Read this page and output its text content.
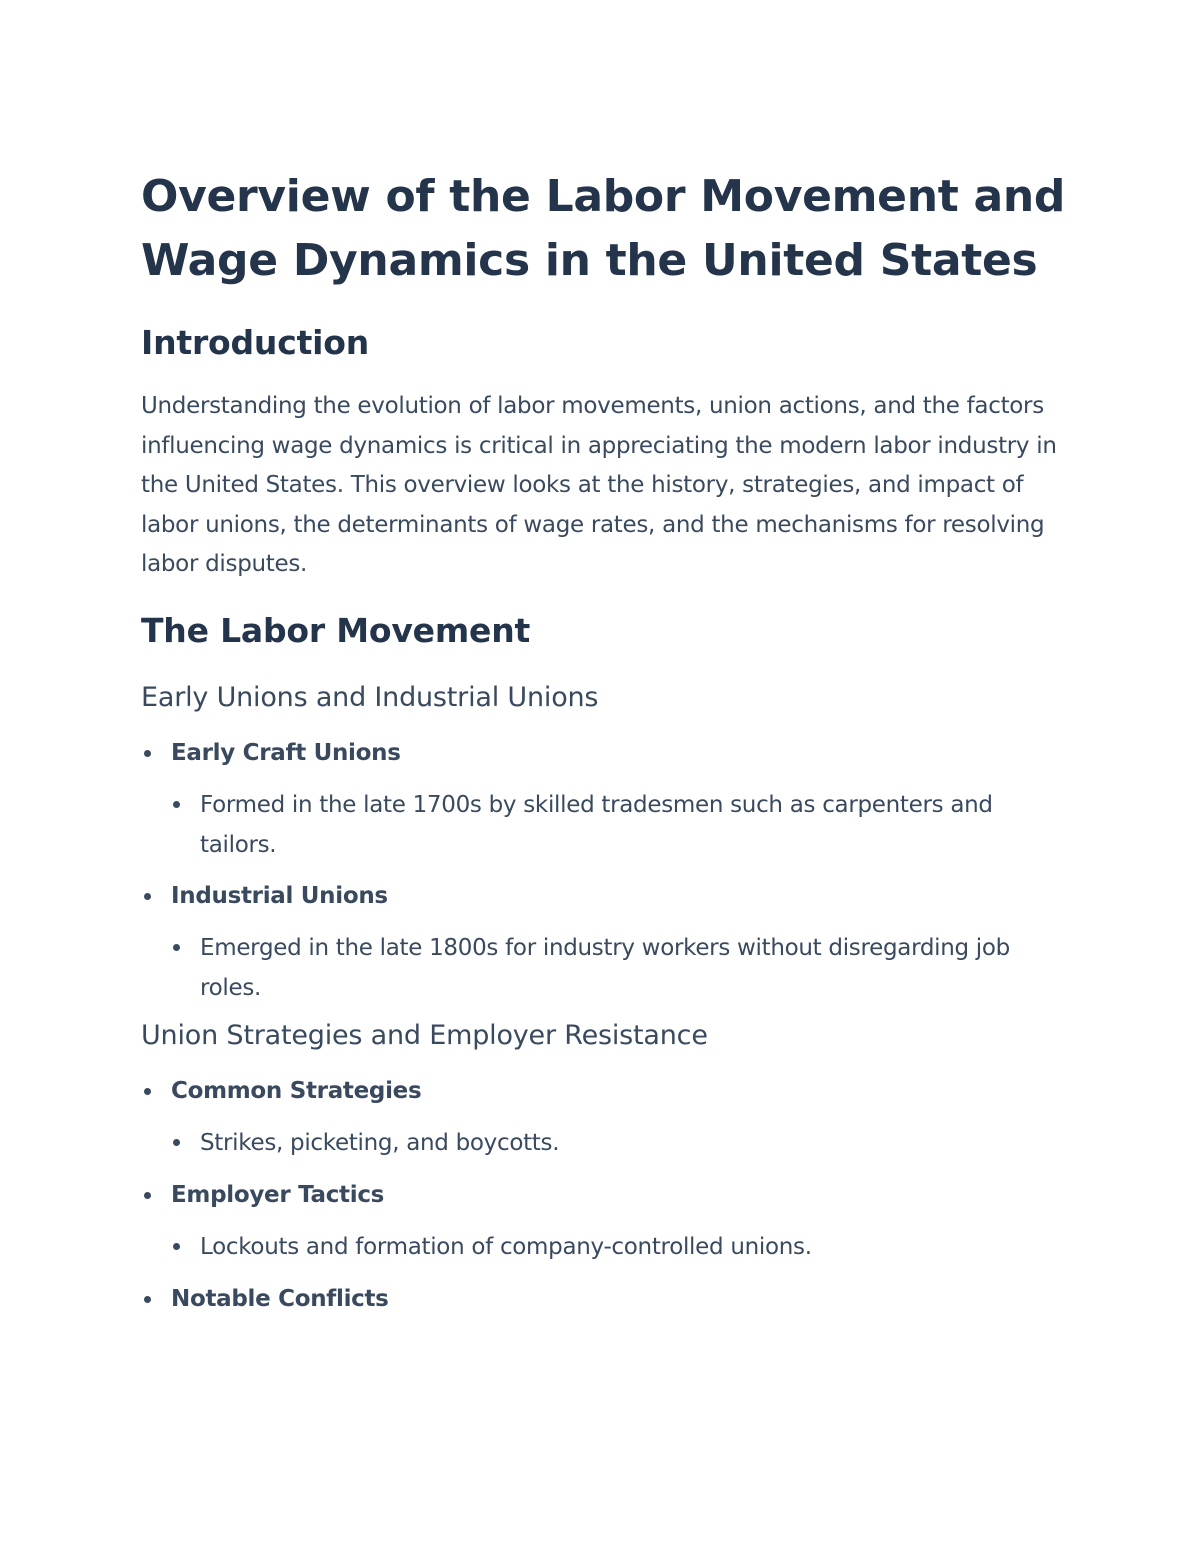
Overview of the Labor Movement and Wage Dynamics in the United States
Introduction

Understanding the evolution of labor movements, union actions, and the factors influencing wage dynamics is critical in appreciating the modern labor industry in the United States. This overview looks at the history, strategies, and impact of labor unions, the determinants of wage rates, and the mechanisms for resolving labor disputes.

The Labor Movement
Early Unions and Industrial Unions
Early Craft Unions
Formed in the late 1700s by skilled tradesmen such as carpenters and tailors.
Industrial Unions
Emerged in the late 1800s for industry workers without disregarding job roles.
Union Strategies and Employer Resistance
Common Strategies
Strikes, picketing, and boycotts.
Employer Tactics
Lockouts and formation of company-controlled unions.
Notable Conflicts
